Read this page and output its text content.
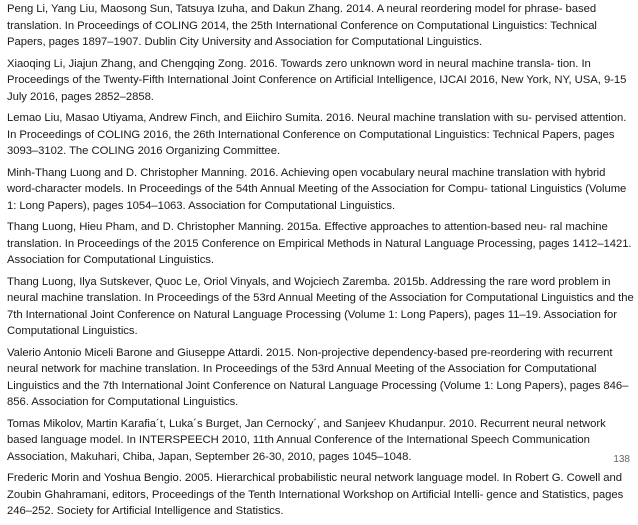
Peng Li, Yang Liu, Maosong Sun, Tatsuya Izuha, and Dakun Zhang. 2014. A neural reordering model for phrase- based translation. In Proceedings of COLING 2014, the 25th International Conference on Computational Linguistics: Technical Papers, pages 1897–1907. Dublin City University and Association for Computational Linguistics.

Xiaoqing Li, Jiajun Zhang, and Chengqing Zong. 2016. Towards zero unknown word in neural machine transla- tion. In Proceedings of the Twenty-Fifth International Joint Conference on Artificial Intelligence, IJCAI 2016, New York, NY, USA, 9-15 July 2016, pages 2852–2858.

Lemao Liu, Masao Utiyama, Andrew Finch, and Eiichiro Sumita. 2016. Neural machine translation with su- pervised attention. In Proceedings of COLING 2016, the 26th International Conference on Computational Linguistics: Technical Papers, pages 3093–3102. The COLING 2016 Organizing Committee.

Minh-Thang Luong and D. Christopher Manning. 2016. Achieving open vocabulary neural machine translation with hybrid word-character models. In Proceedings of the 54th Annual Meeting of the Association for Compu- tational Linguistics (Volume 1: Long Papers), pages 1054–1063. Association for Computational Linguistics.

Thang Luong, Hieu Pham, and D. Christopher Manning. 2015a. Effective approaches to attention-based neu- ral machine translation. In Proceedings of the 2015 Conference on Empirical Methods in Natural Language Processing, pages 1412–1421. Association for Computational Linguistics.

Thang Luong, Ilya Sutskever, Quoc Le, Oriol Vinyals, and Wojciech Zaremba. 2015b. Addressing the rare word problem in neural machine translation. In Proceedings of the 53rd Annual Meeting of the Association for Computational Linguistics and the 7th International Joint Conference on Natural Language Processing (Volume 1: Long Papers), pages 11–19. Association for Computational Linguistics.

Valerio Antonio Miceli Barone and Giuseppe Attardi. 2015. Non-projective dependency-based pre-reordering with recurrent neural network for machine translation. In Proceedings of the 53rd Annual Meeting of the Association for Computational Linguistics and the 7th International Joint Conference on Natural Language Processing (Volume 1: Long Papers), pages 846–856. Association for Computational Linguistics.

Tomas Mikolov, Martin Karafia´t, Luka´s Burget, Jan Cernocky´, and Sanjeev Khudanpur. 2010. Recurrent neural network based language model. In INTERSPEECH 2010, 11th Annual Conference of the International Speech Communication Association, Makuhari, Chiba, Japan, September 26-30, 2010, pages 1045–1048.

Frederic Morin and Yoshua Bengio. 2005. Hierarchical probabilistic neural network language model. In Robert G. Cowell and Zoubin Ghahramani, editors, Proceedings of the Tenth International Workshop on Artificial Intelli- gence and Statistics, pages 246–252. Society for Artificial Intelligence and Statistics.

138
